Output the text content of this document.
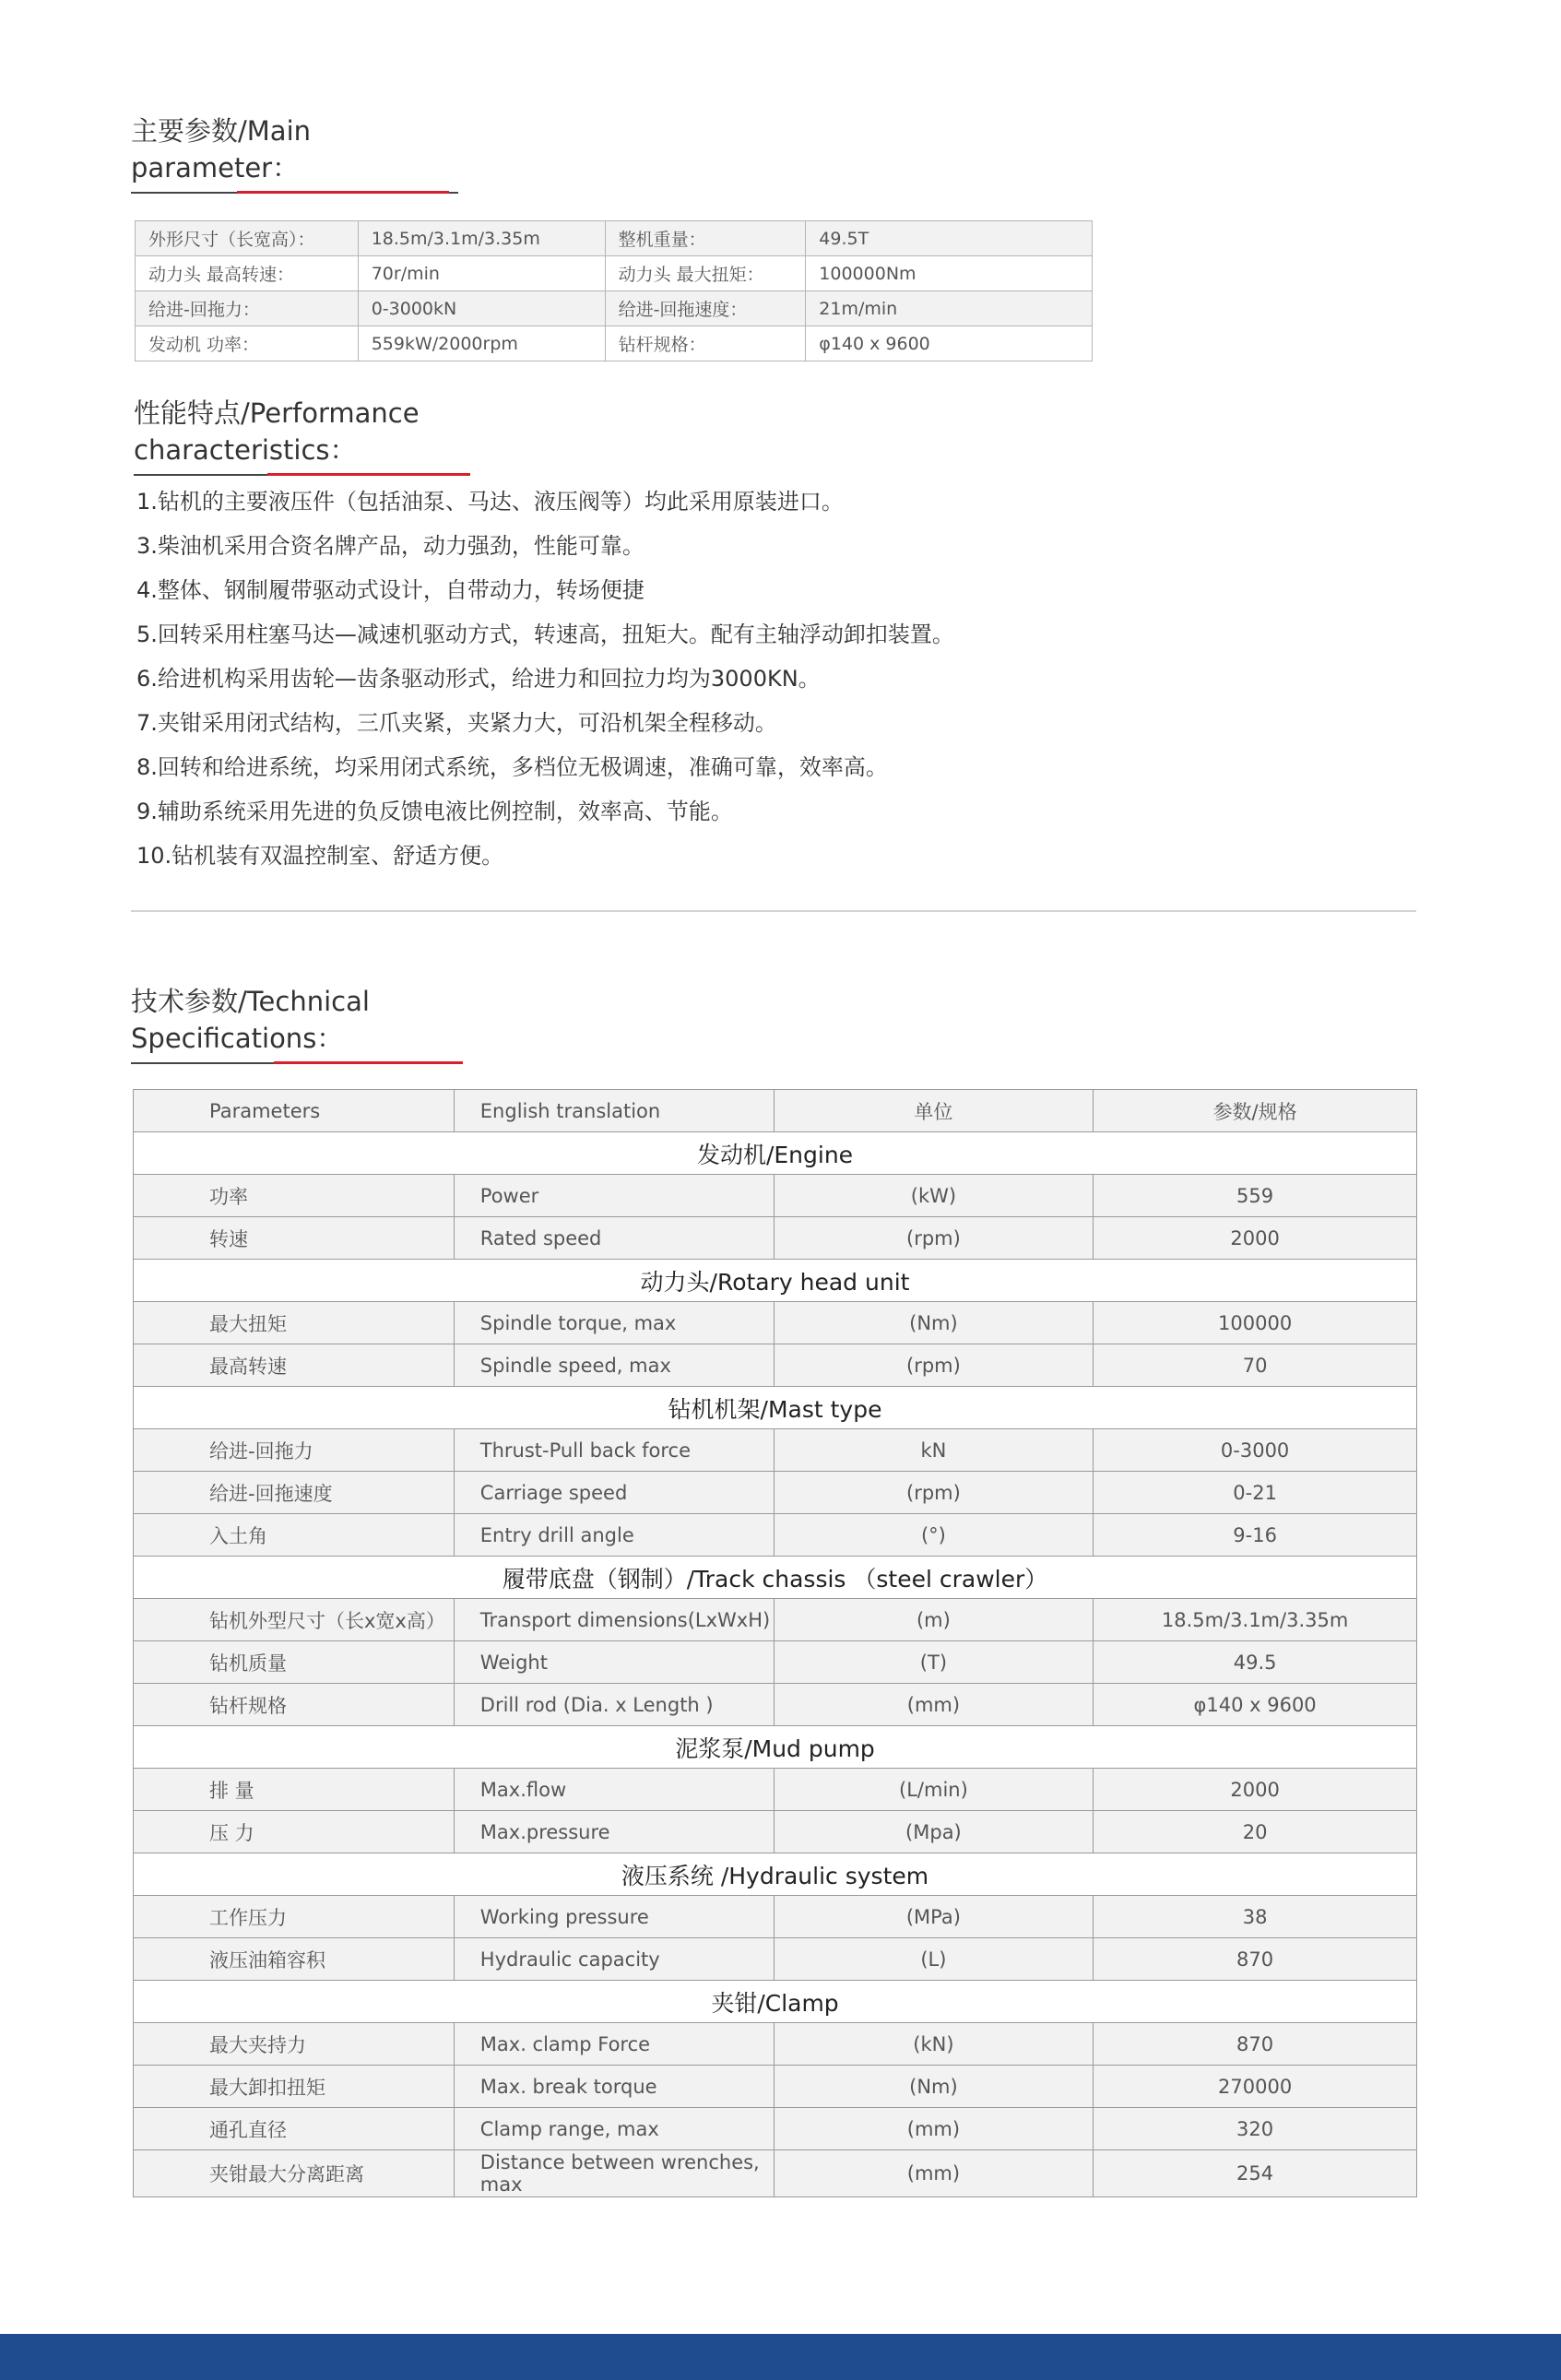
主要参数/Main parameter：
外形尺寸（长宽高）：	18.5m/3.1m/3.35m	整机重量：	49.5T
动力头 最高转速：	70r/min	动力头 最大扭矩：	100000Nm
给进-回拖力：	0-3000kN	给进-回拖速度：	21m/min
发动机 功率：	559kW/2000rpm	钻杆规格：	φ140 x 9600
性能特点/Performance characteristics：
1.钻机的主要液压件（包括油泵、马达、液压阀等）均此采用原装进口。
3.柴油机采用合资名牌产品，动力强劲，性能可靠。
4.整体、钢制履带驱动式设计，自带动力，转场便捷
5.回转采用柱塞马达—减速机驱动方式，转速高，扭矩大。配有主轴浮动卸扣装置。
6.给进机构采用齿轮—齿条驱动形式，给进力和回拉力均为3000KN。
7.夹钳采用闭式结构，三爪夹紧，夹紧力大，可沿机架全程移动。
8.回转和给进系统，均采用闭式系统，多档位无极调速，准确可靠，效率高。
9.辅助系统采用先进的负反馈电液比例控制，效率高、节能。
10.钻机装有双温控制室、舒适方便。
技术参数/Technical Specifications：
Parameters	English translation	单位	参数/规格
发动机/Engine			
功率	Power	(kW)	559
转速	Rated speed	(rpm)	2000
动力头/Rotary head unit			
最大扭矩	Spindle torque, max	(Nm)	100000
最高转速	Spindle speed, max	(rpm)	70
钻机机架/Mast type			
给进-回拖力	Thrust-Pull back force	kN	0-3000
给进-回拖速度	Carriage speed	(rpm)	0-21
入土角	Entry drill angle	(°)	9-16
履带底盘（钢制）/Track chassis （steel crawler）			
钻机外型尺寸（长x宽x高）	Transport dimensions(LxWxH)	(m)	18.5m/3.1m/3.35m
钻机质量	Weight	(T)	49.5
钻杆规格	Drill rod (Dia. x Length )	(mm)	φ140 x 9600
泥浆泵/Mud pump			
排 量	Max.flow	(L/min)	2000
压 力	Max.pressure	(Mpa)	20
液压系统 /Hydraulic system			
工作压力	Working pressure	(MPa)	38
液压油箱容积	Hydraulic capacity	(L)	870
夹钳/Clamp			
最大夹持力	Max. clamp Force	(kN)	870
最大卸扣扭矩	Max. break torque	(Nm)	270000
通孔直径	Clamp range, max	(mm)	320
夹钳最大分离距离	Distance between wrenches, max	(mm)	254
